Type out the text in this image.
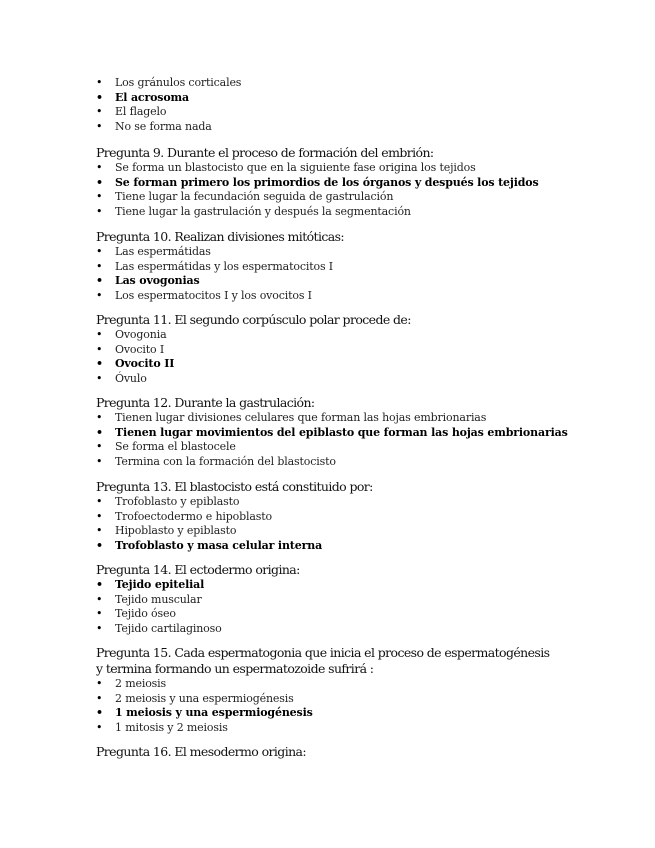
• Los gránulos corticales
• El acrosoma
• El flagelo
• No se forma nada

Pregunta 9. Durante el proceso de formación del embrión:

• Se forma un blastocisto que en la siguiente fase origina los tejidos
• Se forman primero los primordios de los órganos y después los tejidos
• Tiene lugar la fecundación seguida de gastrulación
• Tiene lugar la gastrulación y después la segmentación

Pregunta 10. Realizan divisiones mitóticas:

• Las espermátidas
• Las espermátidas y los espermatocitos I
• Las ovogonias
• Los espermatocitos I y los ovocitos I

Pregunta 11. El segundo corpúsculo polar procede de:

• Ovogonia
• Ovocito I
• Ovocito II
• Óvulo

Pregunta 12. Durante la gastrulación:

• Tienen lugar divisiones celulares que forman las hojas embrionarias
• Tienen lugar movimientos del epiblasto que forman las hojas embrionarias
• Se forma el blastocele
• Termina con la formación del blastocisto

Pregunta 13. El blastocisto está constituido por:

• Trofoblasto y epiblasto
• Trofoectodermo e hipoblasto
• Hipoblasto y epiblasto
• Trofoblasto y masa celular interna

Pregunta 14. El ectodermo origina:

• Tejido epitelial
• Tejido muscular
• Tejido óseo
• Tejido cartilaginoso

Pregunta 15. Cada espermatogonia que inicia el proceso de espermatogénesis y termina formando un espermatozoide sufrirá :

• 2 meiosis
• 2 meiosis y una espermiogénesis
• 1 meiosis y una espermiogénesis
• 1 mitosis y 2 meiosis

Pregunta 16. El mesodermo origina:
